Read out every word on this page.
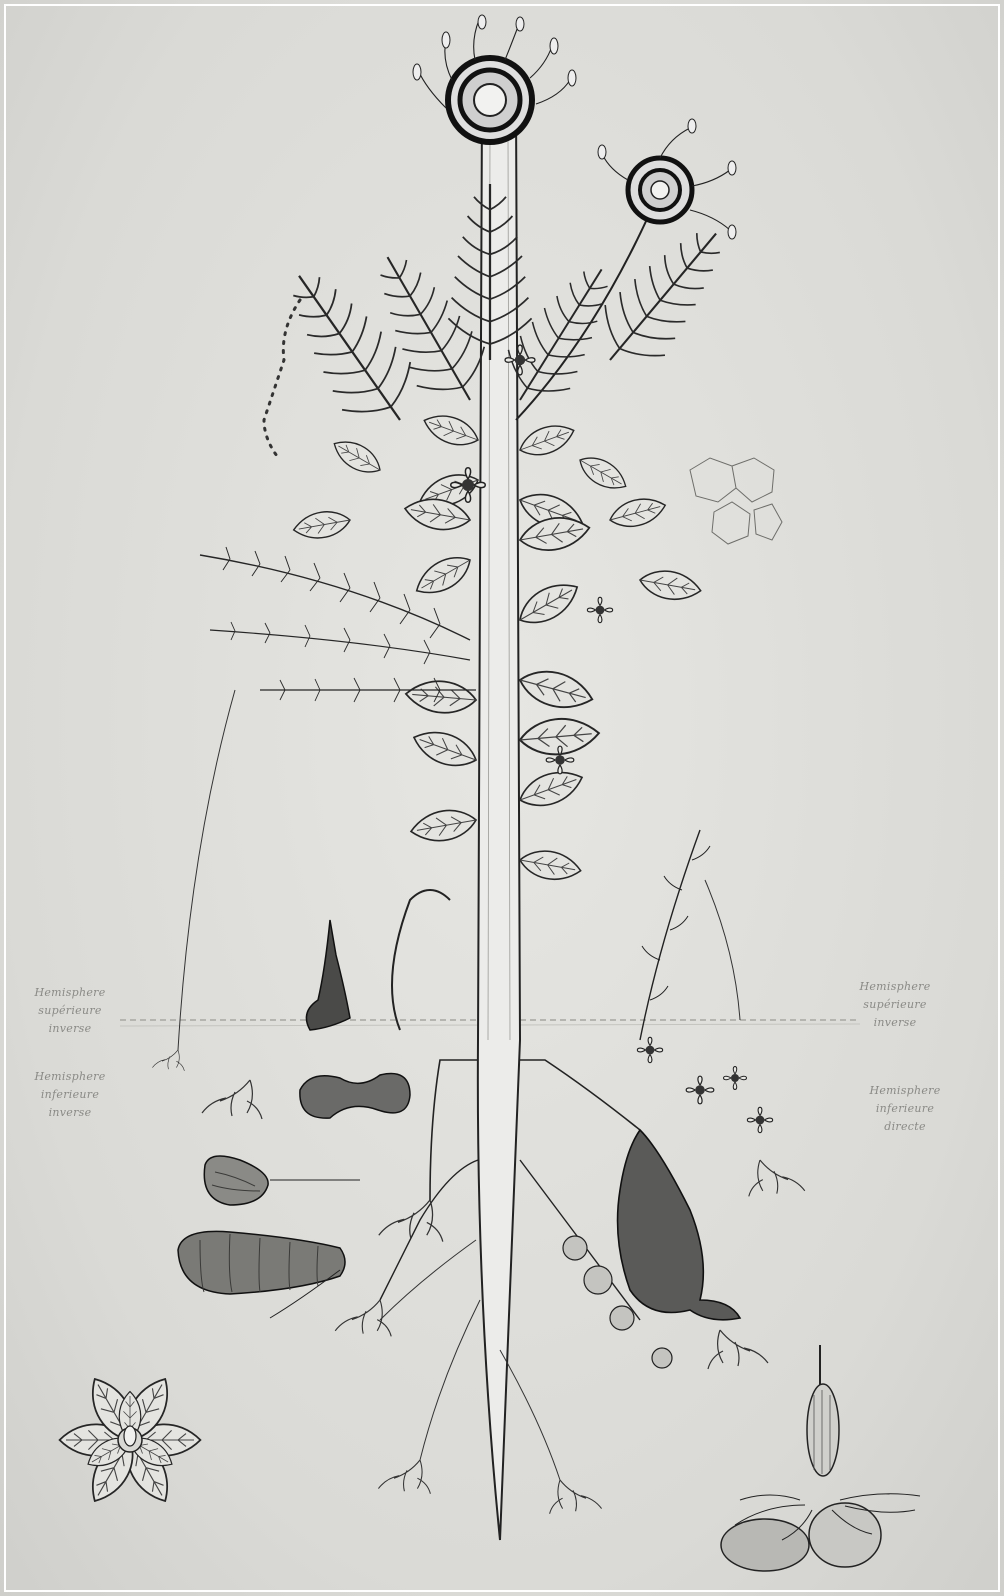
Hemisphere supérieure
inverse
Hemisphere inferieure
inverse
Hemisphere supérieure
inverse
Hemisphere inferieure
directe
